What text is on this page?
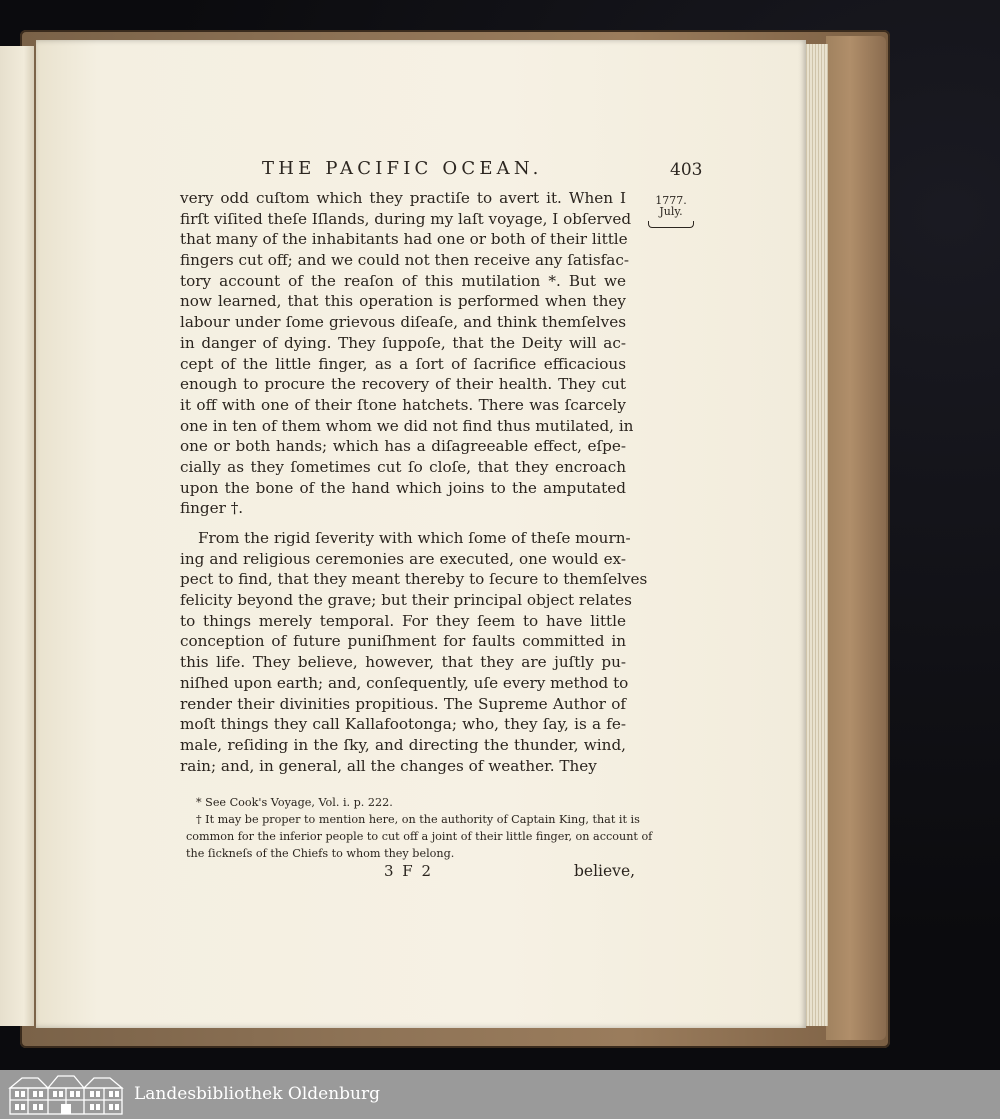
THE PACIFIC OCEAN.	403
1777.
July.
very odd cuſtom which they practiſe to avert it. When I
firſt viſited theſe Iſlands, during my laſt voyage, I obſerved
that many of the inhabitants had one or both of their little
fingers cut off; and we could not then receive any ſatisfac-
tory account of the reaſon of this mutilation *. But we
now learned, that this operation is performed when they
labour under ſome grievous diſeaſe, and think themſelves
in danger of dying. They ſuppoſe, that the Deity will ac-
cept of the little finger, as a ſort of ſacrifice efficacious
enough to procure the recovery of their health. They cut
it off with one of their ſtone hatchets. There was ſcarcely
one in ten of them whom we did not find thus mutilated, in
one or both hands; which has a diſagreeable effect, eſpe-
cially as they ſometimes cut ſo cloſe, that they encroach
upon the bone of the hand which joins to the amputated
finger †.
From the rigid ſeverity with which ſome of theſe mourn-
ing and religious ceremonies are executed, one would ex-
pect to find, that they meant thereby to ſecure to themſelves
felicity beyond the grave; but their principal object relates
to things merely temporal. For they ſeem to have little
conception of future puniſhment for faults committed in
this life. They believe, however, that they are juſtly pu-
niſhed upon earth; and, conſequently, uſe every method to
render their divinities propitious. The Supreme Author of
moſt things they call Kallafootonga; who, they ſay, is a fe-
male, reſiding in the ſky, and directing the thunder, wind,
rain; and, in general, all the changes of weather. They
* See Cook's Voyage, Vol. i. p. 222.
† It may be proper to mention here, on the authority of Captain King, that it is
common for the inferior people to cut off a joint of their little finger, on account of
the ſickneſs of the Chiefs to whom they belong.
3 F 2	believe,
Landesbibliothek Oldenburg
